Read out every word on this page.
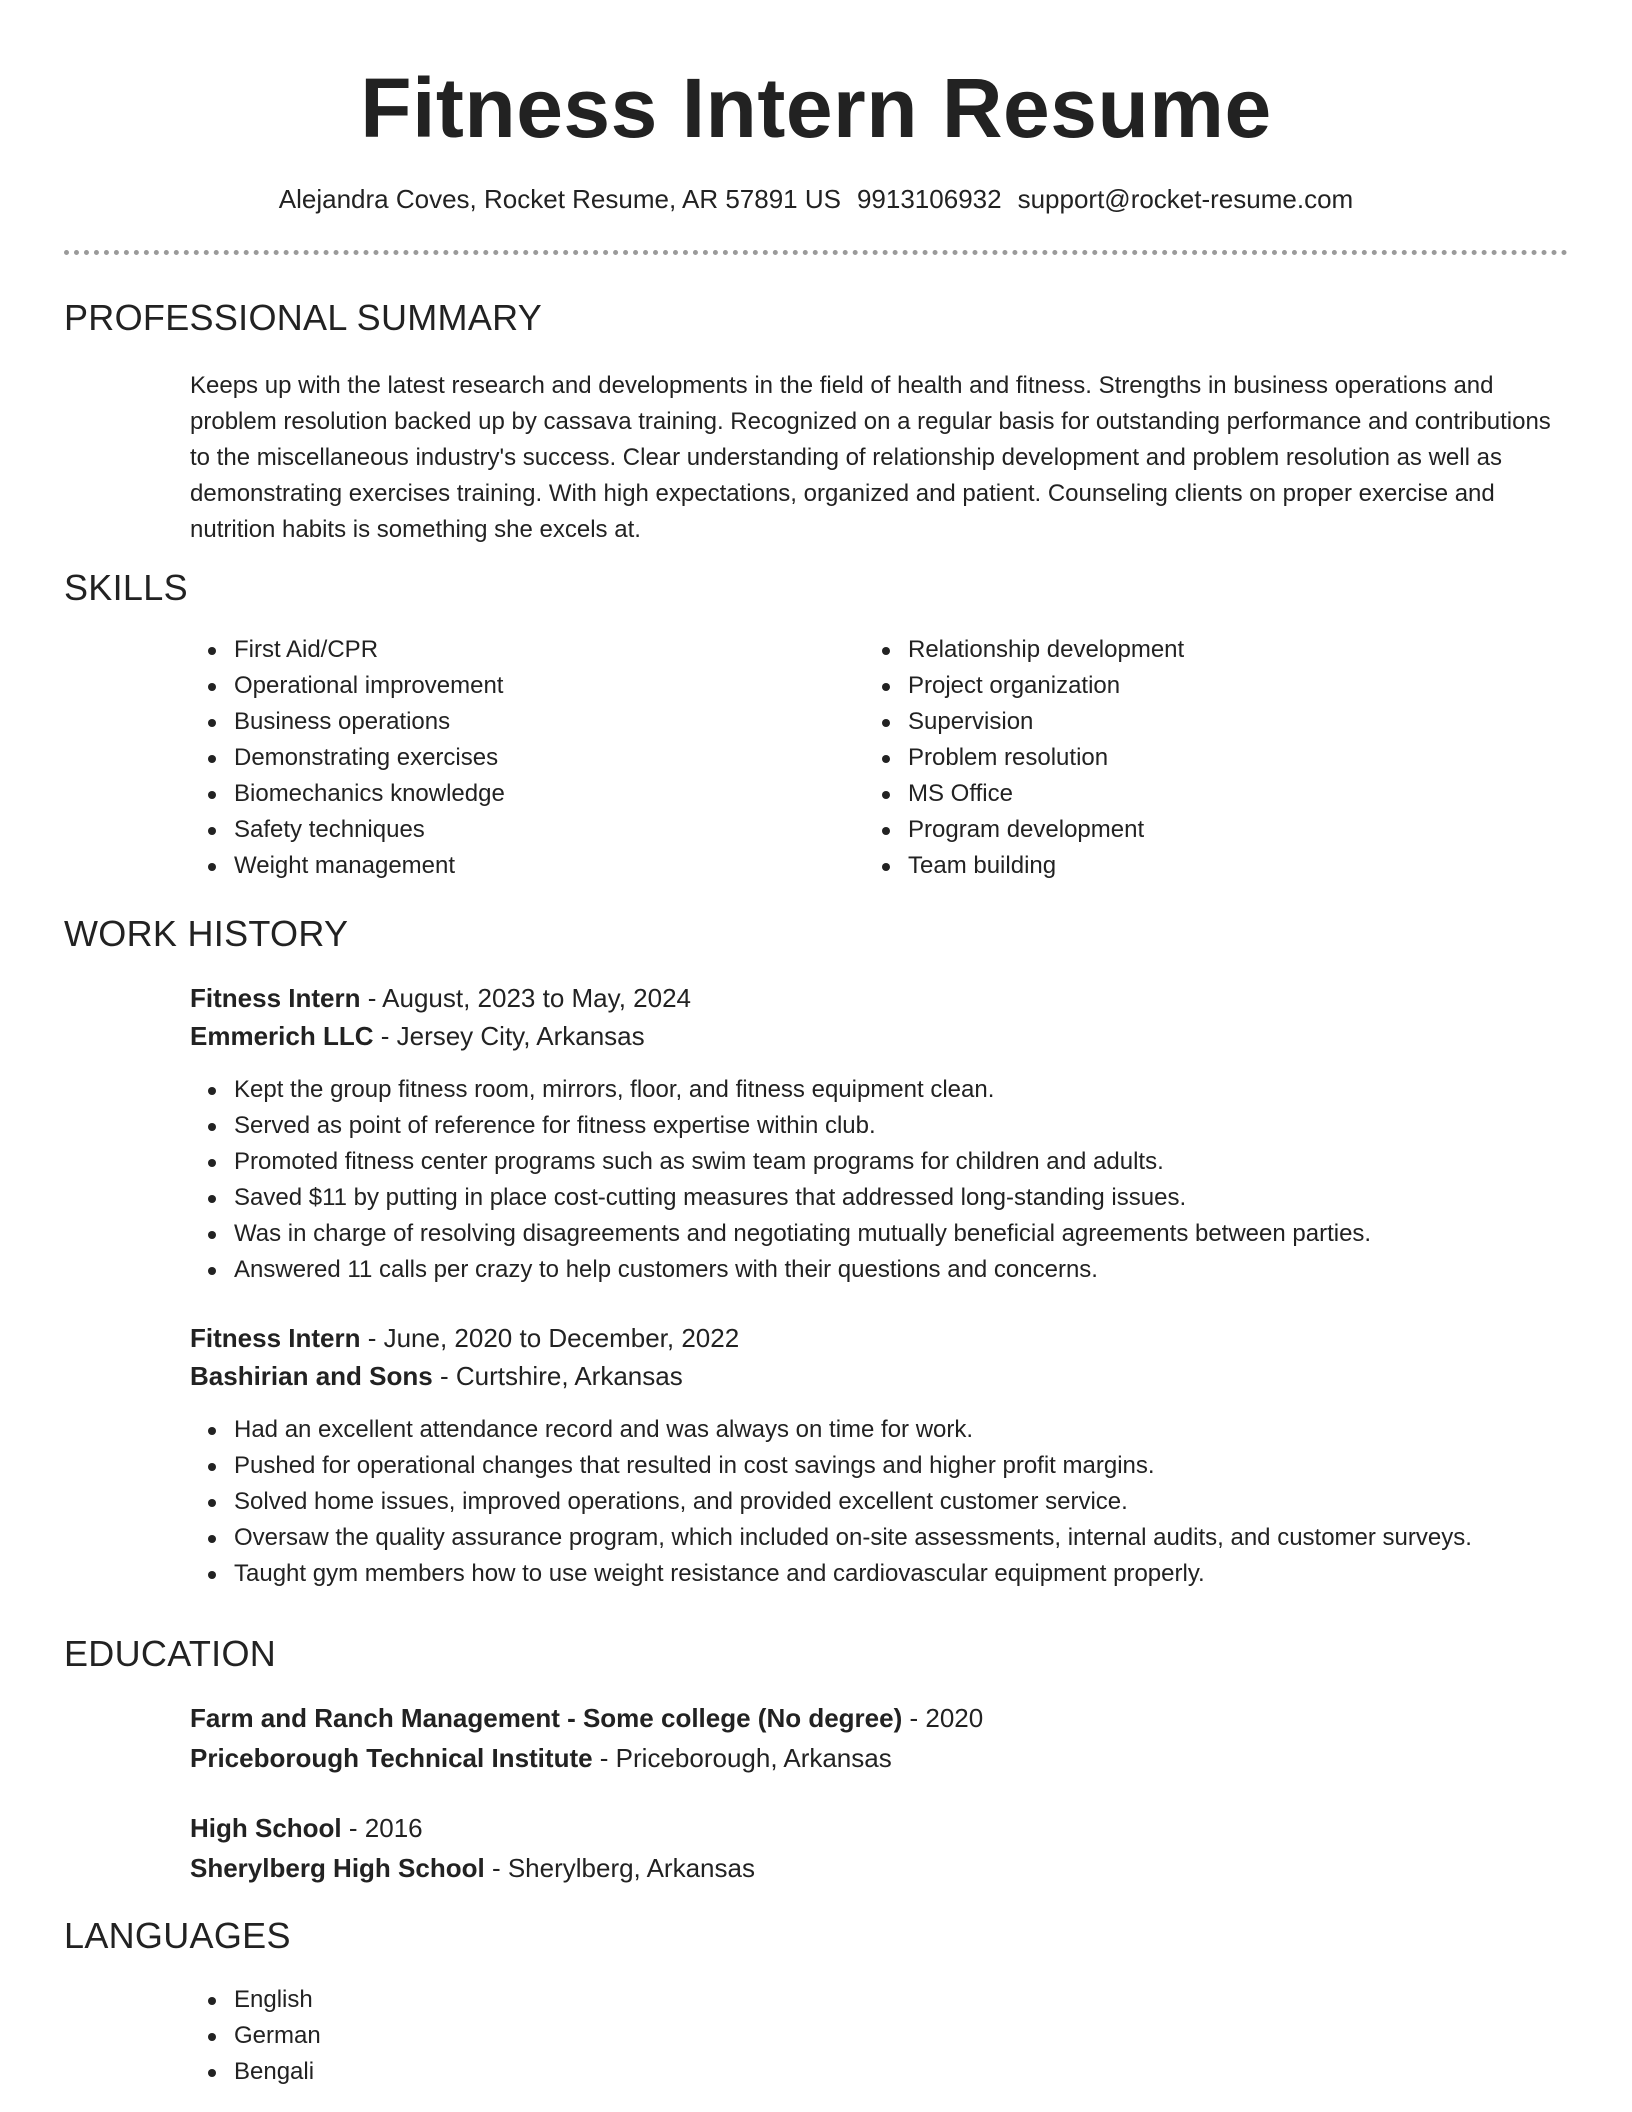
Fitness Intern Resume
Alejandra Coves, Rocket Resume, AR 57891 US 9913106932 support@rocket-resume.com
PROFESSIONAL SUMMARY

Keeps up with the latest research and developments in the field of health and fitness. Strengths in business operations and problem resolution backed up by cassava training. Recognized on a regular basis for outstanding performance and contributions to the miscellaneous industry's success. Clear understanding of relationship development and problem resolution as well as demonstrating exercises training. With high expectations, organized and patient. Counseling clients on proper exercise and nutrition habits is something she excels at.

SKILLS
First Aid/CPR
Operational improvement
Business operations
Demonstrating exercises
Biomechanics knowledge
Safety techniques
Weight management
Relationship development
Project organization
Supervision
Problem resolution
MS Office
Program development
Team building
WORK HISTORY
Fitness Intern - August, 2023 to May, 2024
Emmerich LLC - Jersey City, Arkansas
Kept the group fitness room, mirrors, floor, and fitness equipment clean.
Served as point of reference for fitness expertise within club.
Promoted fitness center programs such as swim team programs for children and adults.
Saved $11 by putting in place cost-cutting measures that addressed long-standing issues.
Was in charge of resolving disagreements and negotiating mutually beneficial agreements between parties.
Answered 11 calls per crazy to help customers with their questions and concerns.
Fitness Intern - June, 2020 to December, 2022
Bashirian and Sons - Curtshire, Arkansas
Had an excellent attendance record and was always on time for work.
Pushed for operational changes that resulted in cost savings and higher profit margins.
Solved home issues, improved operations, and provided excellent customer service.
Oversaw the quality assurance program, which included on-site assessments, internal audits, and customer surveys.
Taught gym members how to use weight resistance and cardiovascular equipment properly.
EDUCATION
Farm and Ranch Management - Some college (No degree) - 2020
Priceborough Technical Institute - Priceborough, Arkansas
High School - 2016
Sherylberg High School - Sherylberg, Arkansas
LANGUAGES
English
German
Bengali
